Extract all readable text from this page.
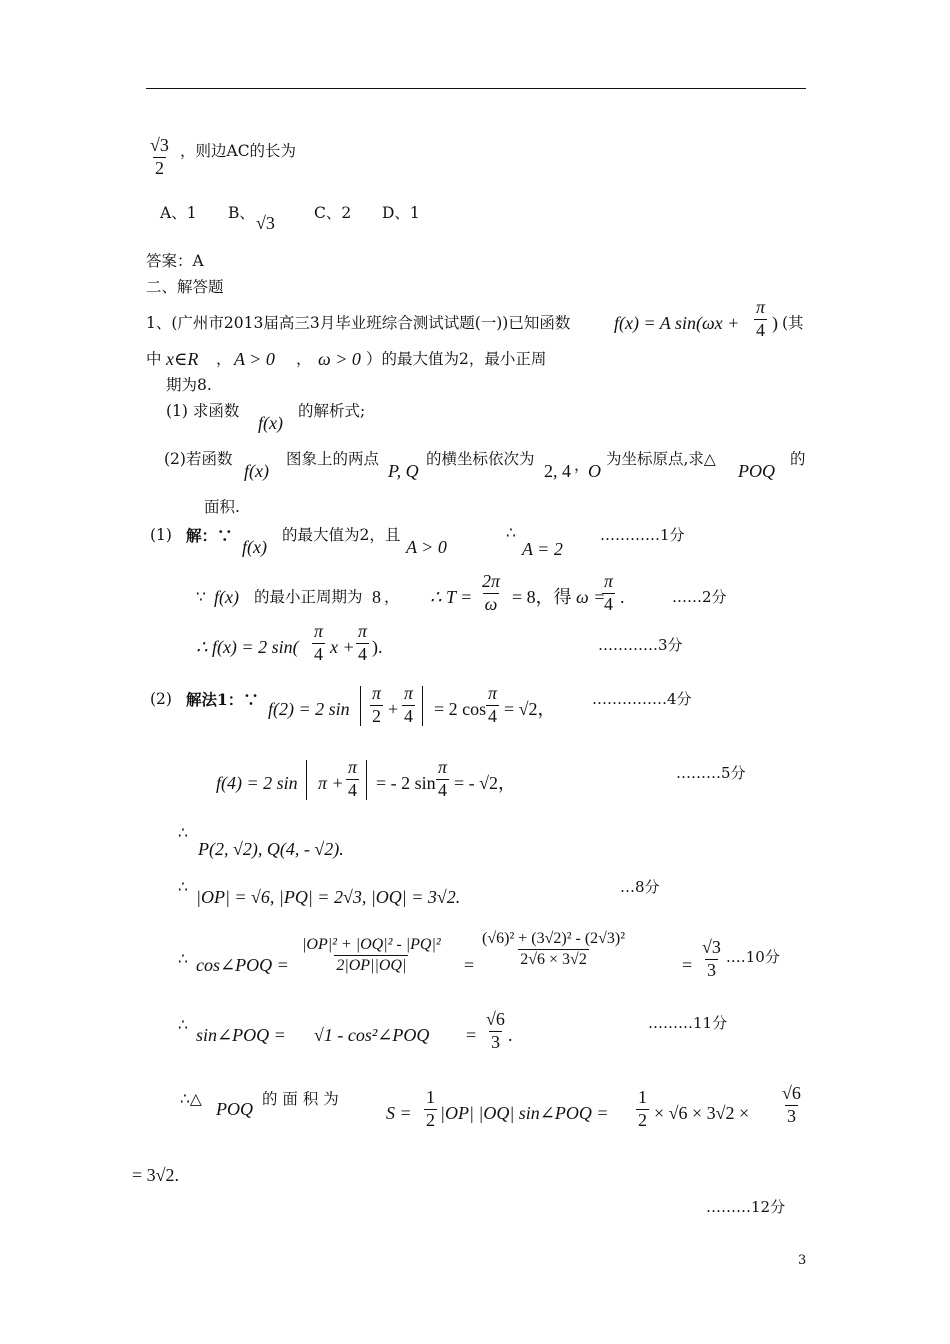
$\frac{√3}{2}$ ，则边AC的长为
A、1 B、 √3	C、2 D、1
答案：A
二、解答题
1、(广州市2013届高三3月毕业班综合测试试题(一))已知函数 f(x) = A $\sin(\omega x + \frac{\pi}{4}$ ) (其
中 x∈R ， A > 0 ， ω > 0 ）的最大值为2，最小正周
期为8.
(1) 求函数
f(x)
的解析式;
(2)若函数
f(x)
图象上的两点
P, Q
的横坐标依次为
2, 4 ，
O
为坐标原点,求△
POQ
的
面积.
(1) 解：∵
f(x)
的最大值为2，且
A > 0
∴
A = 2
…………1分
∵ f(x) 的最小正周期为 8 ， ∴ $T = \frac{2\pi}{\omega} = 8$，得 ω =
$\frac{\pi}{4}$ .	……2分
∴ f(x) = 2 $\sin( \frac{\pi}{4}$ $x + \frac{\pi}{4}$ ).	…………3分
(2) 解法1：∵ f(2) = 2 $\sin \frac{\pi}{2} + \frac{\pi}{4} = 2$ $\cos \frac{\pi}{4} = √2$， ……………4分
f(4) = 2 $\sin \pi + \frac{\pi}{4}$ = - 2 $\sin \frac{\pi}{4}$ = - √2，	………5分
∴
P(2, √2), Q(4, - √2).
∴ |OP| = √6, |PQ| = 2√3, |OQ| = 3√2.	…8分
∴ cos∠POQ = $\frac{\text{|OP|² + |OQ|² - |PQ|²}}{2|OP||OQ|} = \frac{\text{(√6)² + (3√2)² - (2√3)²}}{2√6 \times 3√2}$	= $\frac{√3}{3}$ .…10分
∴ sin∠POQ = √1 - cos²∠POQ = $\frac{√6}{3}$ .
………11分
∴△ POQ 的 面 积 为
$S = \frac{1}{2} |OP|$ |OQ| sin∠POQ = $\frac{1}{2} \times √6 \times 3√2 \times \frac{√6}{3}$
= 3√2.
………12分
3
